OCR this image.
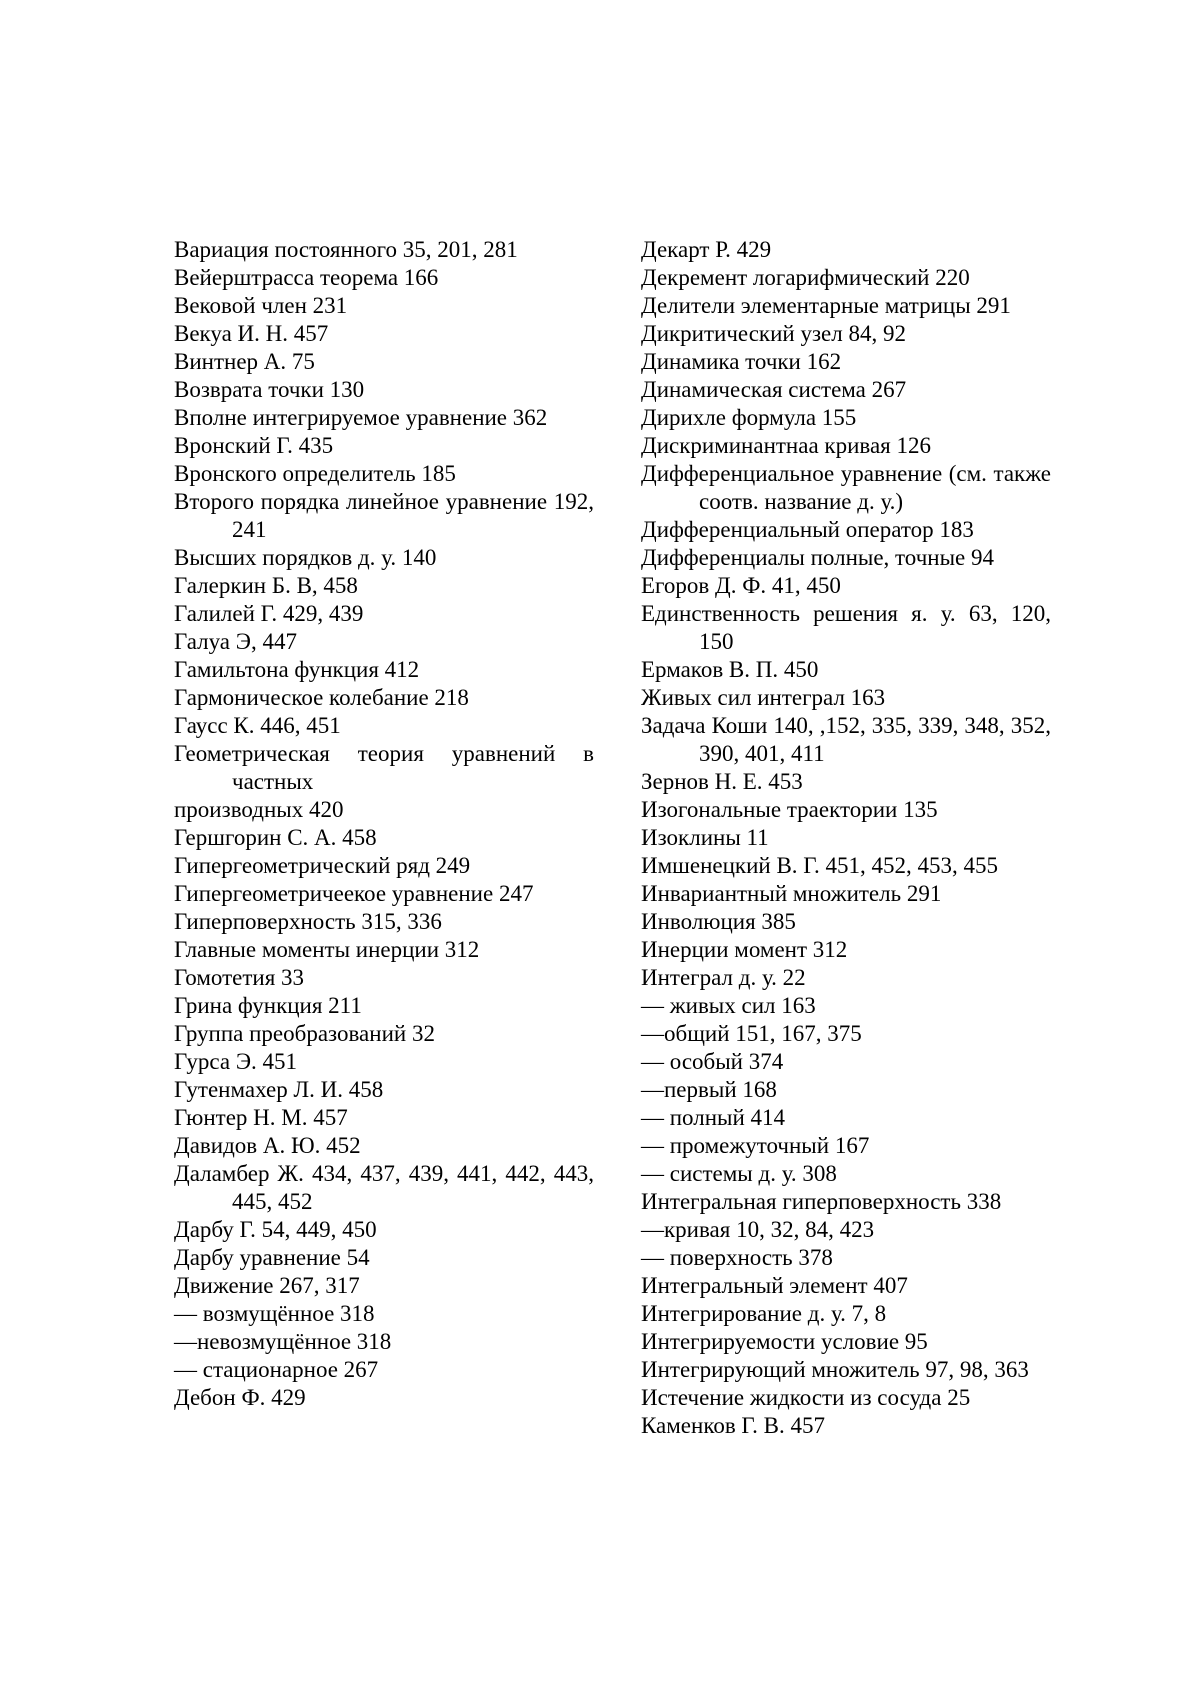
Вариация постоянного 35, 201, 281
Вейерштрасса теорема 166
Вековой член 231
Векуа И. Н. 457
Винтнер А. 75
Возврата точки 130
Вполне интегрируемое уравнение 362
Вронский Г. 435
Вронского определитель 185
Второго порядка линейное уравнение 192, 241
Высших порядков д. у. 140
Галеркин Б. В, 458
Галилей Г. 429, 439
Галуа Э, 447
Гамильтона функция 412
Гармоническое колебание 218
Гаусс К. 446, 451
Геометрическая теория уравнений в частных
производных 420
Гершгорин С. А. 458
Гипергеометрический ряд 249
Гипергеометричеекое уравнение 247
Гиперповерхность 315, 336
Главные моменты инерции 312
Гомотетия 33
Грина функция 211
Группа преобразований 32
Гурса Э. 451
Гутенмахер Л. И. 458
Гюнтер Н. М. 457
Давидов А. Ю. 452
Даламбер Ж. 434, 437, 439, 441, 442, 443, 445, 452
Дарбу Г. 54, 449, 450
Дарбу уравнение 54
Движение 267, 317
— возмущённое 318
—невозмущённое 318
— стационарное 267
Дебон Ф. 429
Декарт Р. 429
Декремент логарифмический 220
Делители элементарные матрицы 291
Дикритический узел 84, 92
Динамика точки 162
Динамическая система 267
Дирихле формула 155
Дискриминантнаа кривая 126
Дифференциальное уравнение (см. также соотв. название д. у.)
Дифференциальный оператор 183
Дифференциалы полные, точные 94
Егоров Д. Ф. 41, 450
Единственность решения я. у. 63, 120, 150
Ермаков В. П. 450
Живых сил интеграл 163
Задача Коши 140, ,152, 335, 339, 348, 352, 390, 401, 411
Зернов Н. Е. 453
Изогональные траектории 135
Изоклины 11
Имшенецкий В. Г. 451, 452, 453, 455
Инвариантный множитель 291
Инволюция 385
Инерции момент 312
Интеграл д. у. 22
— живых сил 163
—общий 151, 167, 375
— особый 374
—первый 168
— полный 414
— промежуточный 167
— системы д. у. 308
Интегральная гиперповерхность 338
—кривая 10, 32, 84, 423
— поверхность 378
Интегральный элемент 407
Интегрирование д. у. 7, 8
Интегрируемости условие 95
Интегрирующий множитель 97, 98, 363
Истечение жидкости из сосуда 25
Каменков Г. В. 457
